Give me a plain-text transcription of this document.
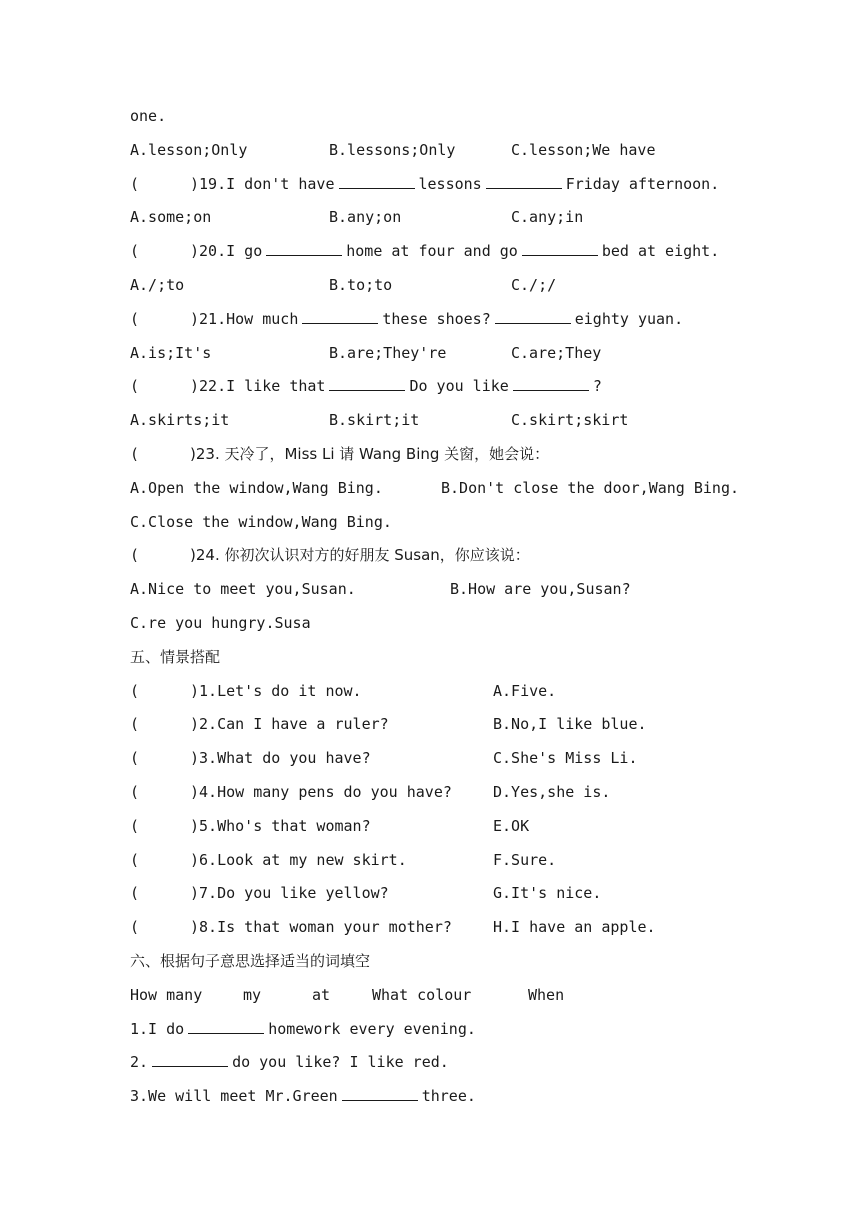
one.
A.lesson;Only	B.lessons;Only	C.lesson;We have
(	)19.I don't have	lessons	Friday afternoon.
A.some;on	B.any;on	C.any;in
(	)20.I go	home at four and go	bed at eight.
A./;to	B.to;to	C./;/
(	)21.How much	these shoes?	eighty yuan.
A.is;It's	B.are;They're	C.are;They
(	)22.I like that	Do you like	?
A.skirts;it	B.skirt;it	C.skirt;skirt
(	)23. 天冷了，Miss Li 请 Wang Bing 关窗，她会说：
A.Open the window,Wang Bing.	B.Don't close the door,Wang Bing.
C.Close the window,Wang Bing.
(	)24. 你初次认识对方的好朋友 Susan，你应该说：
A.Nice to meet you,Susan.	B.How are you,Susan?
C.re you hungry.Susa
五、情景搭配
(	)1.Let's do it now.	A.Five.
(	)2.Can I have a ruler?	B.No,I like blue.
(	)3.What do you have?	C.She's Miss Li.
(	)4.How many pens do you have?	D.Yes,she is.
(	)5.Who's that woman?	E.OK
(	)6.Look at my new skirt.	F.Sure.
(	)7.Do you like yellow?	G.It's nice.
(	)8.Is that woman your mother?	H.I have an apple.
六、根据句子意思选择适当的词填空
How many	my	at	What colour	When
1.I do	homework every evening.
2.	do you like? I like red.
3.We will meet Mr.Green	three.
